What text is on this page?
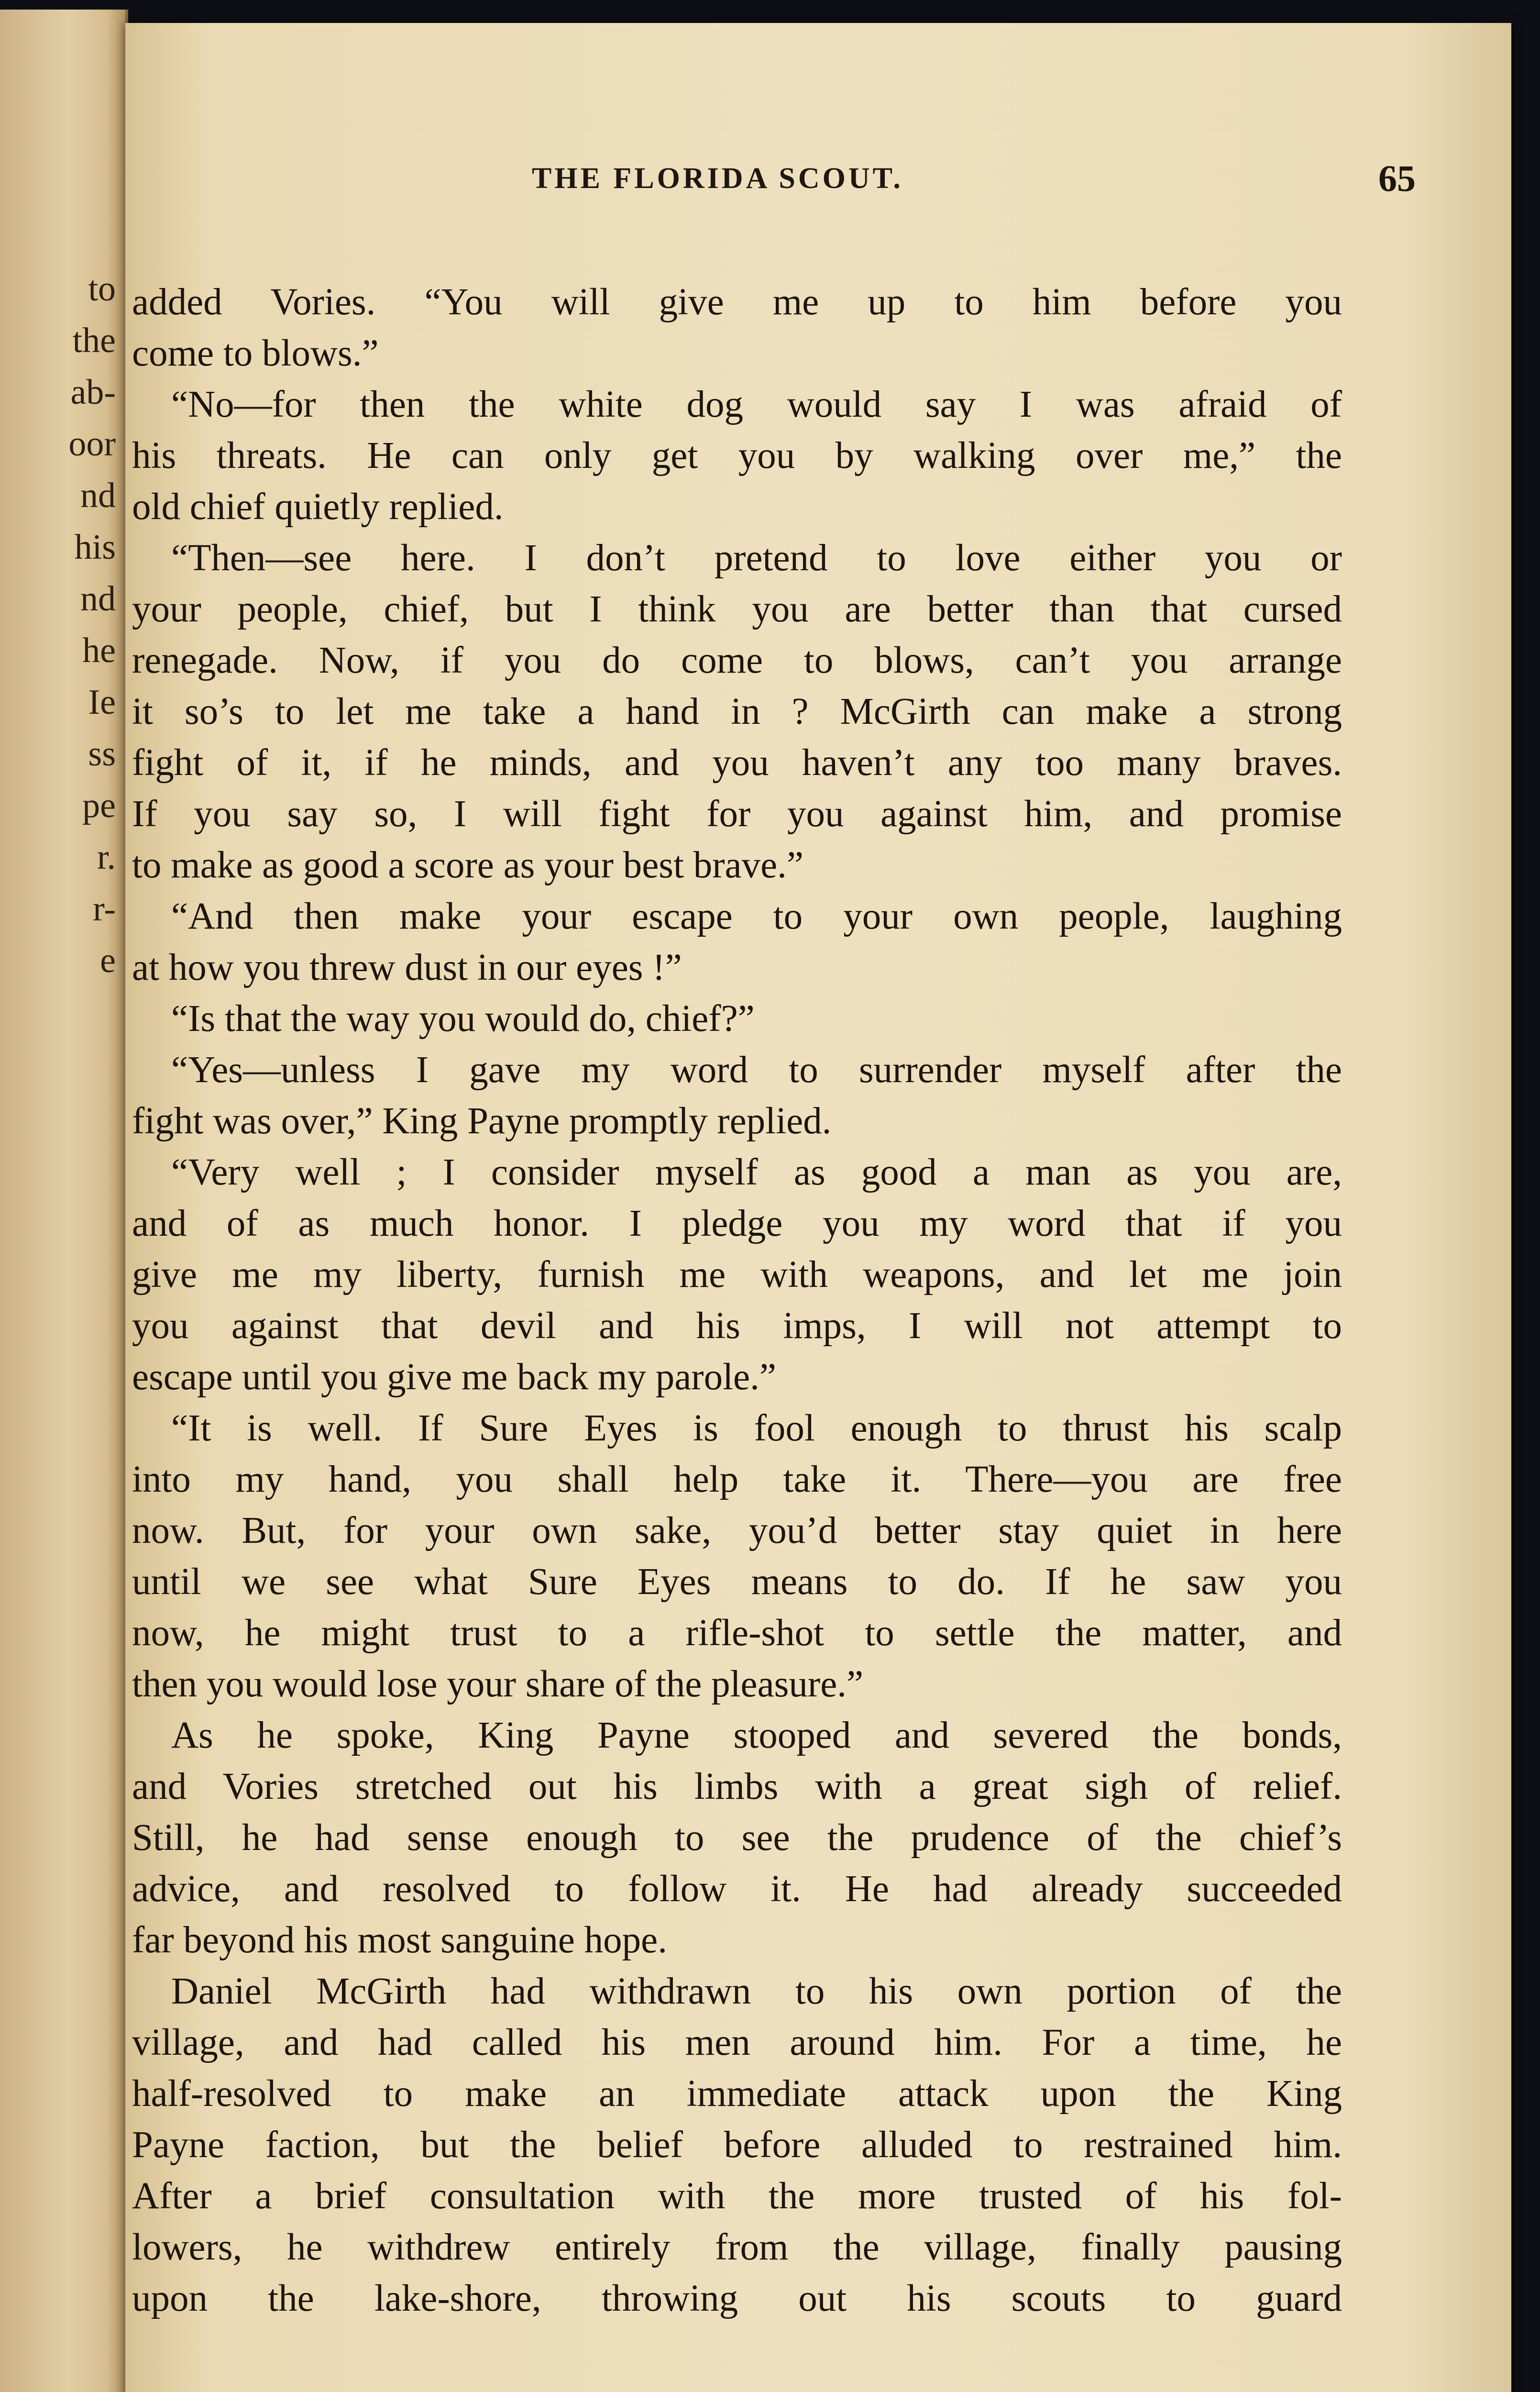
to
the
ab-
oor
nd
his
nd
he
Ie
ss
pe
r.
r-
e
THE FLORIDA SCOUT.	65
added Vories. “You will give me up to him before you
come to blows.”
“No—for then the white dog would say I was afraid of
his threats. He can only get you by walking over me,” the
old chief quietly replied.
“Then—see here. I don’t pretend to love either you or
your people, chief, but I think you are better than that cursed
renegade. Now, if you do come to blows, can’t you arrange
it so’s to let me take a hand in ? McGirth can make a strong
fight of it, if he minds, and you haven’t any too many braves.
If you say so, I will fight for you against him, and promise
to make as good a score as your best brave.”
“And then make your escape to your own people, laughing
at how you threw dust in our eyes !”
“Is that the way you would do, chief?”
“Yes—unless I gave my word to surrender myself after the
fight was over,” King Payne promptly replied.
“Very well ; I consider myself as good a man as you are,
and of as much honor. I pledge you my word that if you
give me my liberty, furnish me with weapons, and let me join
you against that devil and his imps, I will not attempt to
escape until you give me back my parole.”
“It is well. If Sure Eyes is fool enough to thrust his scalp
into my hand, you shall help take it. There—you are free
now. But, for your own sake, you’d better stay quiet in here
until we see what Sure Eyes means to do. If he saw you
now, he might trust to a rifle-shot to settle the matter, and
then you would lose your share of the pleasure.”
As he spoke, King Payne stooped and severed the bonds,
and Vories stretched out his limbs with a great sigh of relief.
Still, he had sense enough to see the prudence of the chief’s
advice, and resolved to follow it. He had already succeeded
far beyond his most sanguine hope.
Daniel McGirth had withdrawn to his own portion of the
village, and had called his men around him. For a time, he
half-resolved to make an immediate attack upon the King
Payne faction, but the belief before alluded to restrained him.
After a brief consultation with the more trusted of his fol-
lowers, he withdrew entirely from the village, finally pausing
upon the lake-shore, throwing out his scouts to guard
